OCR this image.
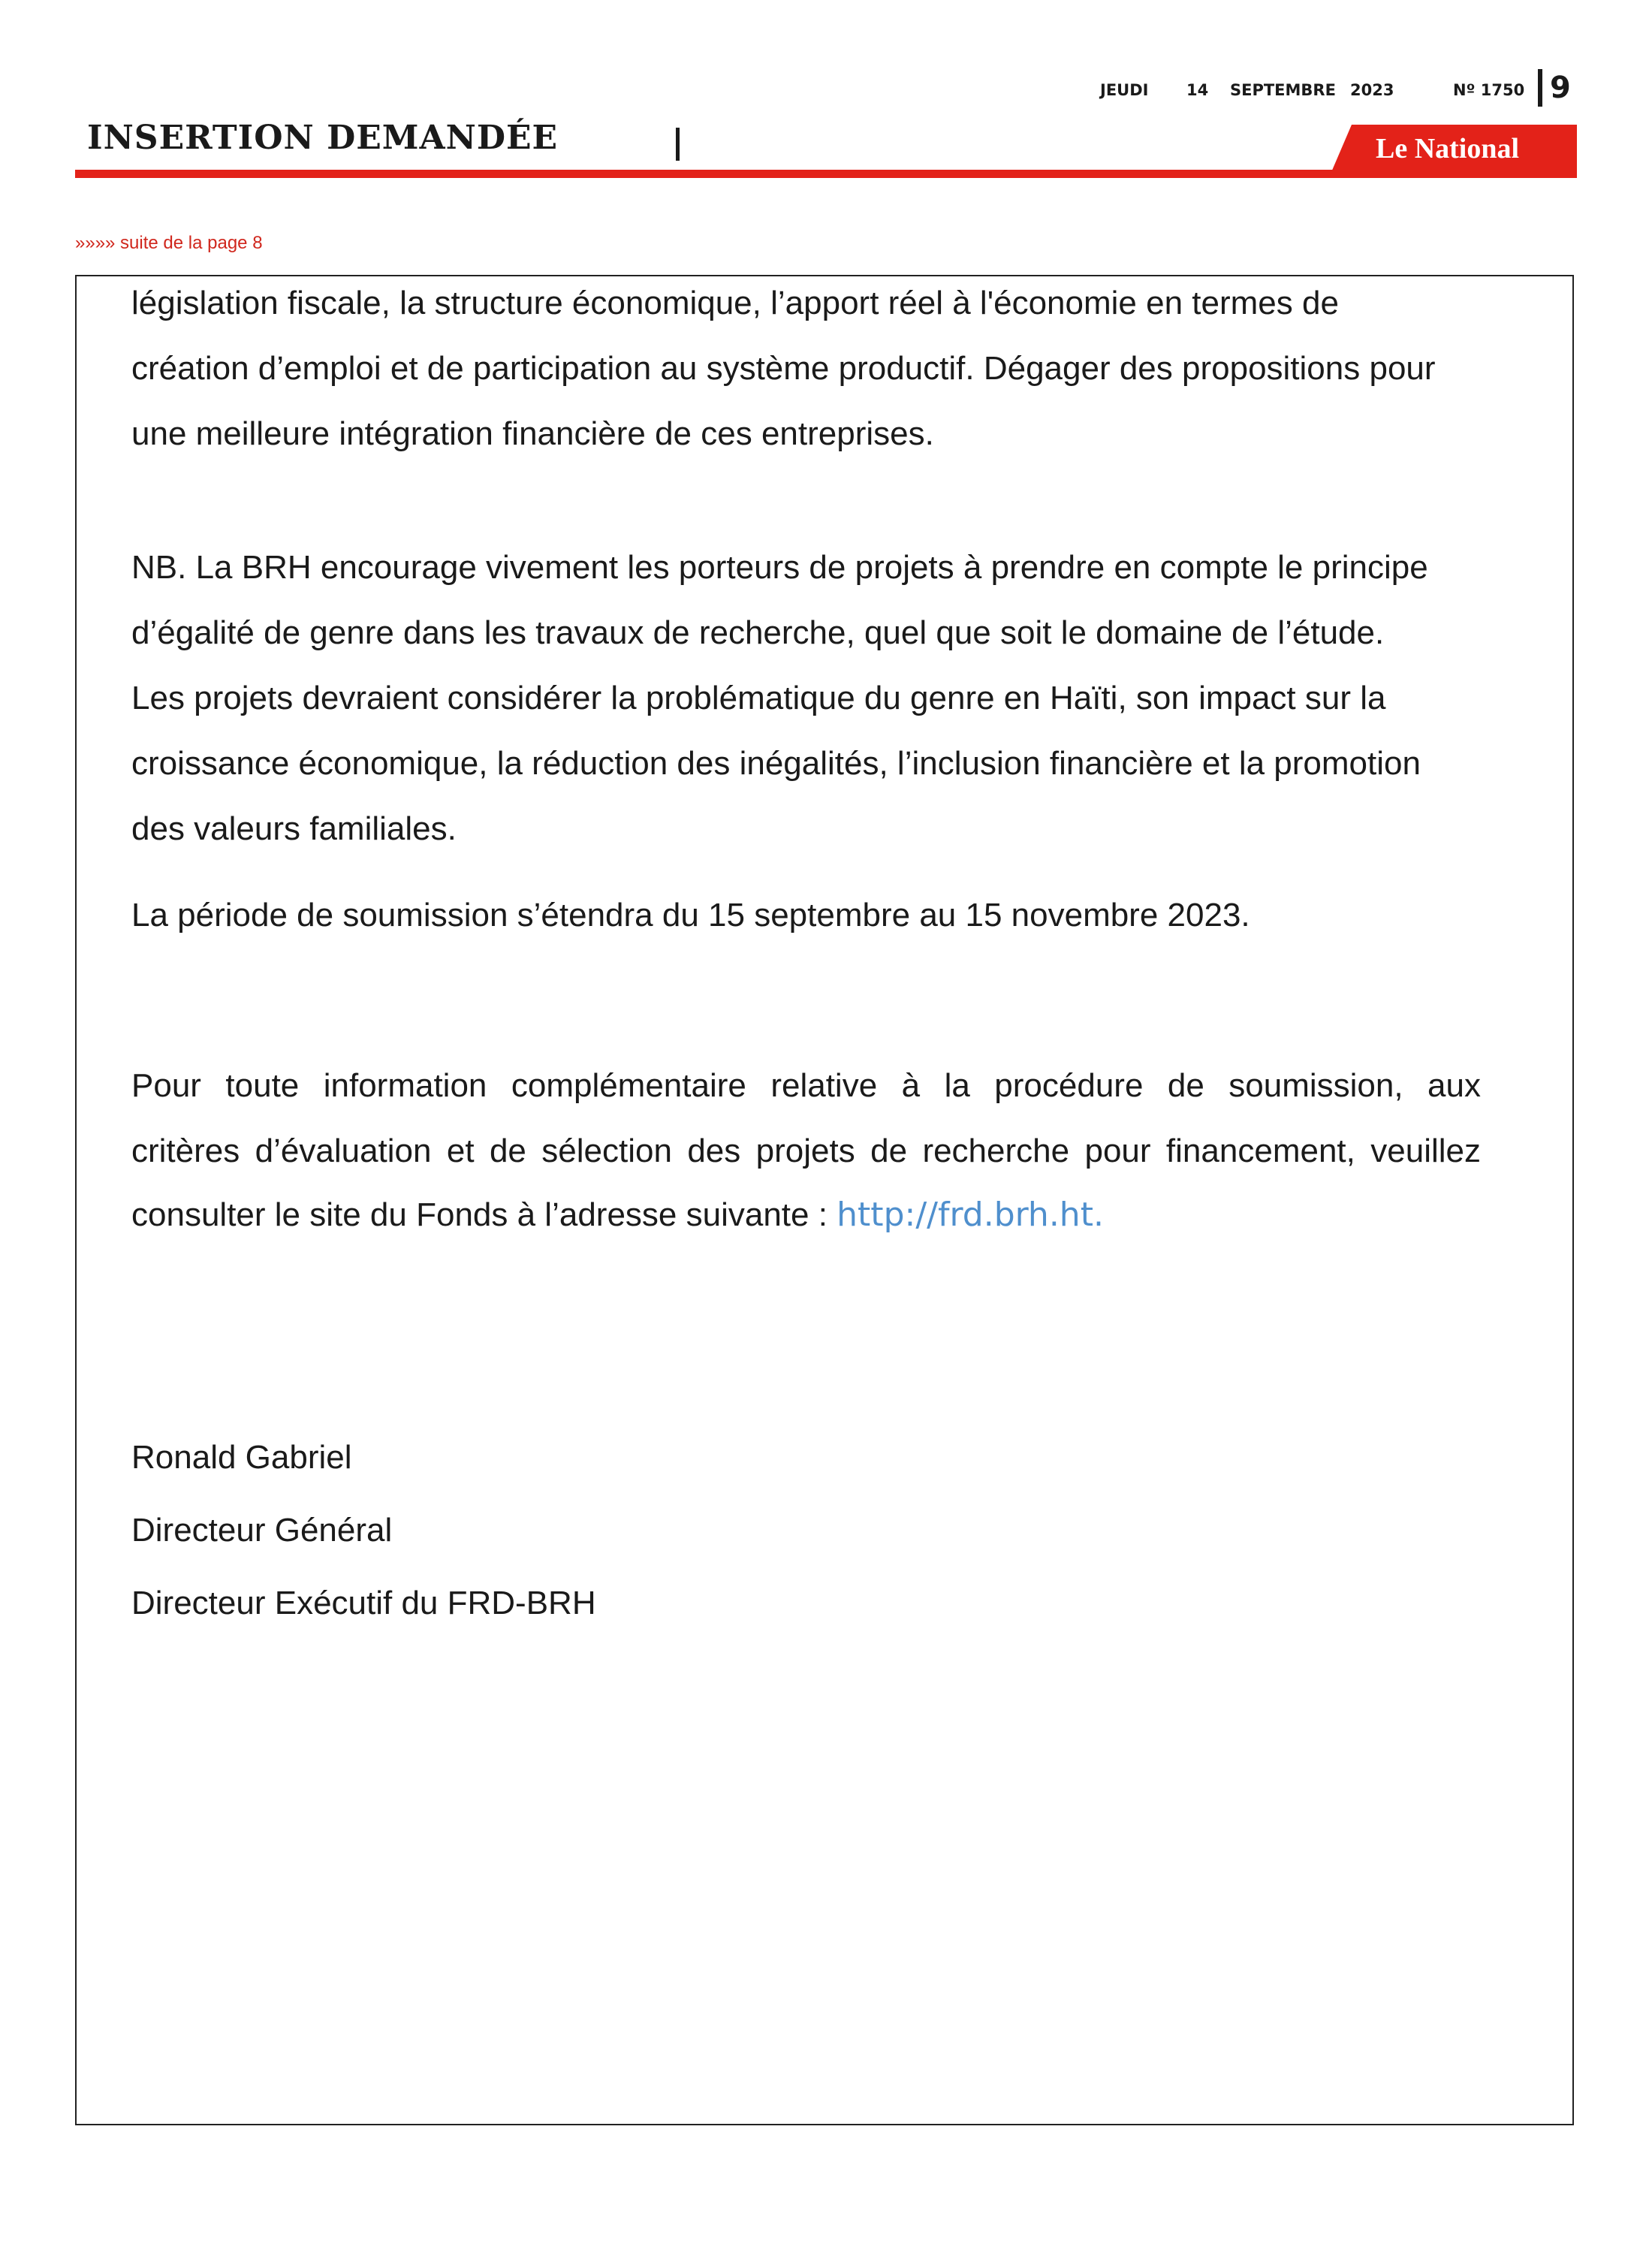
JEUDI 14 SEPTEMBRE 2023	Nº 1750 9
INSERTION DEMANDÉE	Le National
»»»» suite de la page 8
législation fiscale, la structure économique, l’apport réel à l'économie en termes de
création d’emploi et de participation au système productif. Dégager des propositions pour
une meilleure intégration financière de ces entreprises.
NB. La BRH encourage vivement les porteurs de projets à prendre en compte le principe
d’égalité de genre dans les travaux de recherche, quel que soit le domaine de l’étude.
Les projets devraient considérer la problématique du genre en Haïti, son impact sur la
croissance économique, la réduction des inégalités, l’inclusion financière et la promotion
des valeurs familiales.
La période de soumission s’étendra du 15 septembre au 15 novembre 2023.
Pour toute information complémentaire relative à la procédure de soumission, aux
critères d’évaluation et de sélection des projets de recherche pour financement, veuillez
consulter le site du Fonds à l’adresse suivante : http://frd.brh.ht.
Ronald Gabriel
Directeur Général
Directeur Exécutif du FRD-BRH
